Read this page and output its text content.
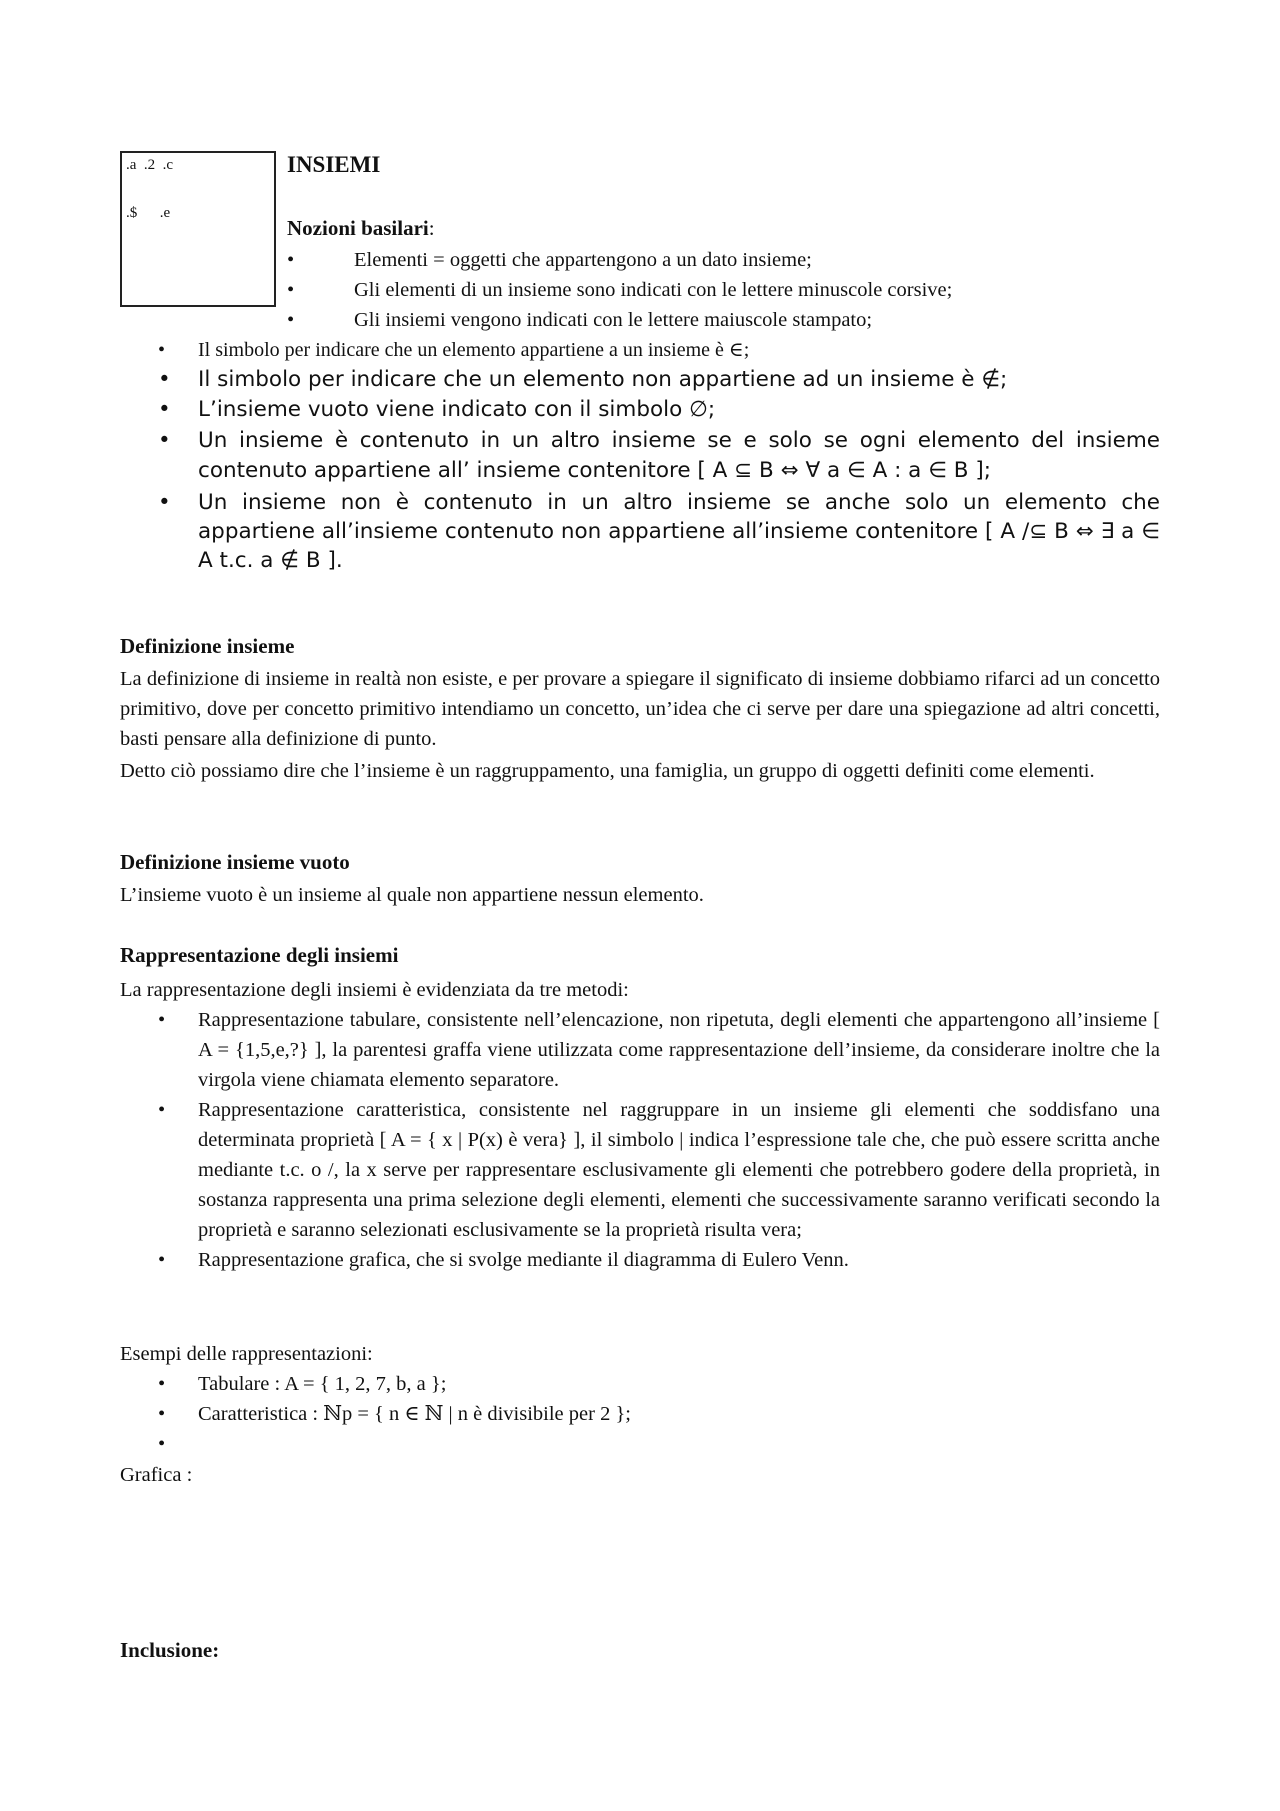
.a  .2  .c
.$      .e
INSIEMI
Nozioni basilari:
•	Elementi = oggetti che appartengono a un dato insieme;
•	Gli elementi di un insieme sono indicati con le lettere minuscole corsive;
•	Gli insiemi vengono indicati con le lettere maiuscole stampato;
• Il simbolo per indicare che un elemento appartiene a un insieme è ∈;
• Il simbolo per indicare che un elemento non appartiene ad un insieme è ∉;
• L’insieme vuoto viene indicato con il simbolo ∅;
• Un insieme è contenuto in un altro insieme se e solo se ogni elemento del insieme contenuto appartiene all’ insieme contenitore [ A ⊆ B ⇔ ∀ a ∈ A : a ∈ B ];
• Un insieme non è contenuto in un altro insieme se anche solo un elemento che appartiene all’insieme contenuto non appartiene all’insieme contenitore [ A /⊆ B ⇔ ∃ a ∈ A t.c. a ∉ B ].
Definizione insieme

La definizione di insieme in realtà non esiste, e per provare a spiegare il significato di insieme dobbiamo rifarci ad un concetto primitivo, dove per concetto primitivo intendiamo un concetto, un’idea che ci serve per dare una spiegazione ad altri concetti, basti pensare alla definizione di punto.

Detto ciò possiamo dire che l’insieme è un raggruppamento, una famiglia, un gruppo di oggetti definiti come elementi.

Definizione insieme vuoto

L’insieme vuoto è un insieme al quale non appartiene nessun elemento.

Rappresentazione degli insiemi

La rappresentazione degli insiemi è evidenziata da tre metodi:

• Rappresentazione tabulare, consistente nell’elencazione, non ripetuta, degli elementi che appartengono all’insieme [ A = {1,5,e,?} ], la parentesi graffa viene utilizzata come rappresentazione dell’insieme, da considerare inoltre che la virgola viene chiamata elemento separatore.
• Rappresentazione caratteristica, consistente nel raggruppare in un insieme gli elementi che soddisfano una determinata proprietà [ A = { x | P(x) è vera} ], il simbolo | indica l’espressione tale che, che può essere scritta anche mediante t.c. o /, la x serve per rappresentare esclusivamente gli elementi che potrebbero godere della proprietà, in sostanza rappresenta una prima selezione degli elementi, elementi che successivamente saranno verificati secondo la proprietà e saranno selezionati esclusivamente se la proprietà risulta vera;
• Rappresentazione grafica, che si svolge mediante il diagramma di Eulero Venn.

Esempi delle rappresentazioni:

• Tabulare : A = { 1, 2, 7, b, a };
• Caratteristica : ℕp = { n ∈ ℕ | n è divisibile per 2 };
•

Grafica :

Inclusione:
